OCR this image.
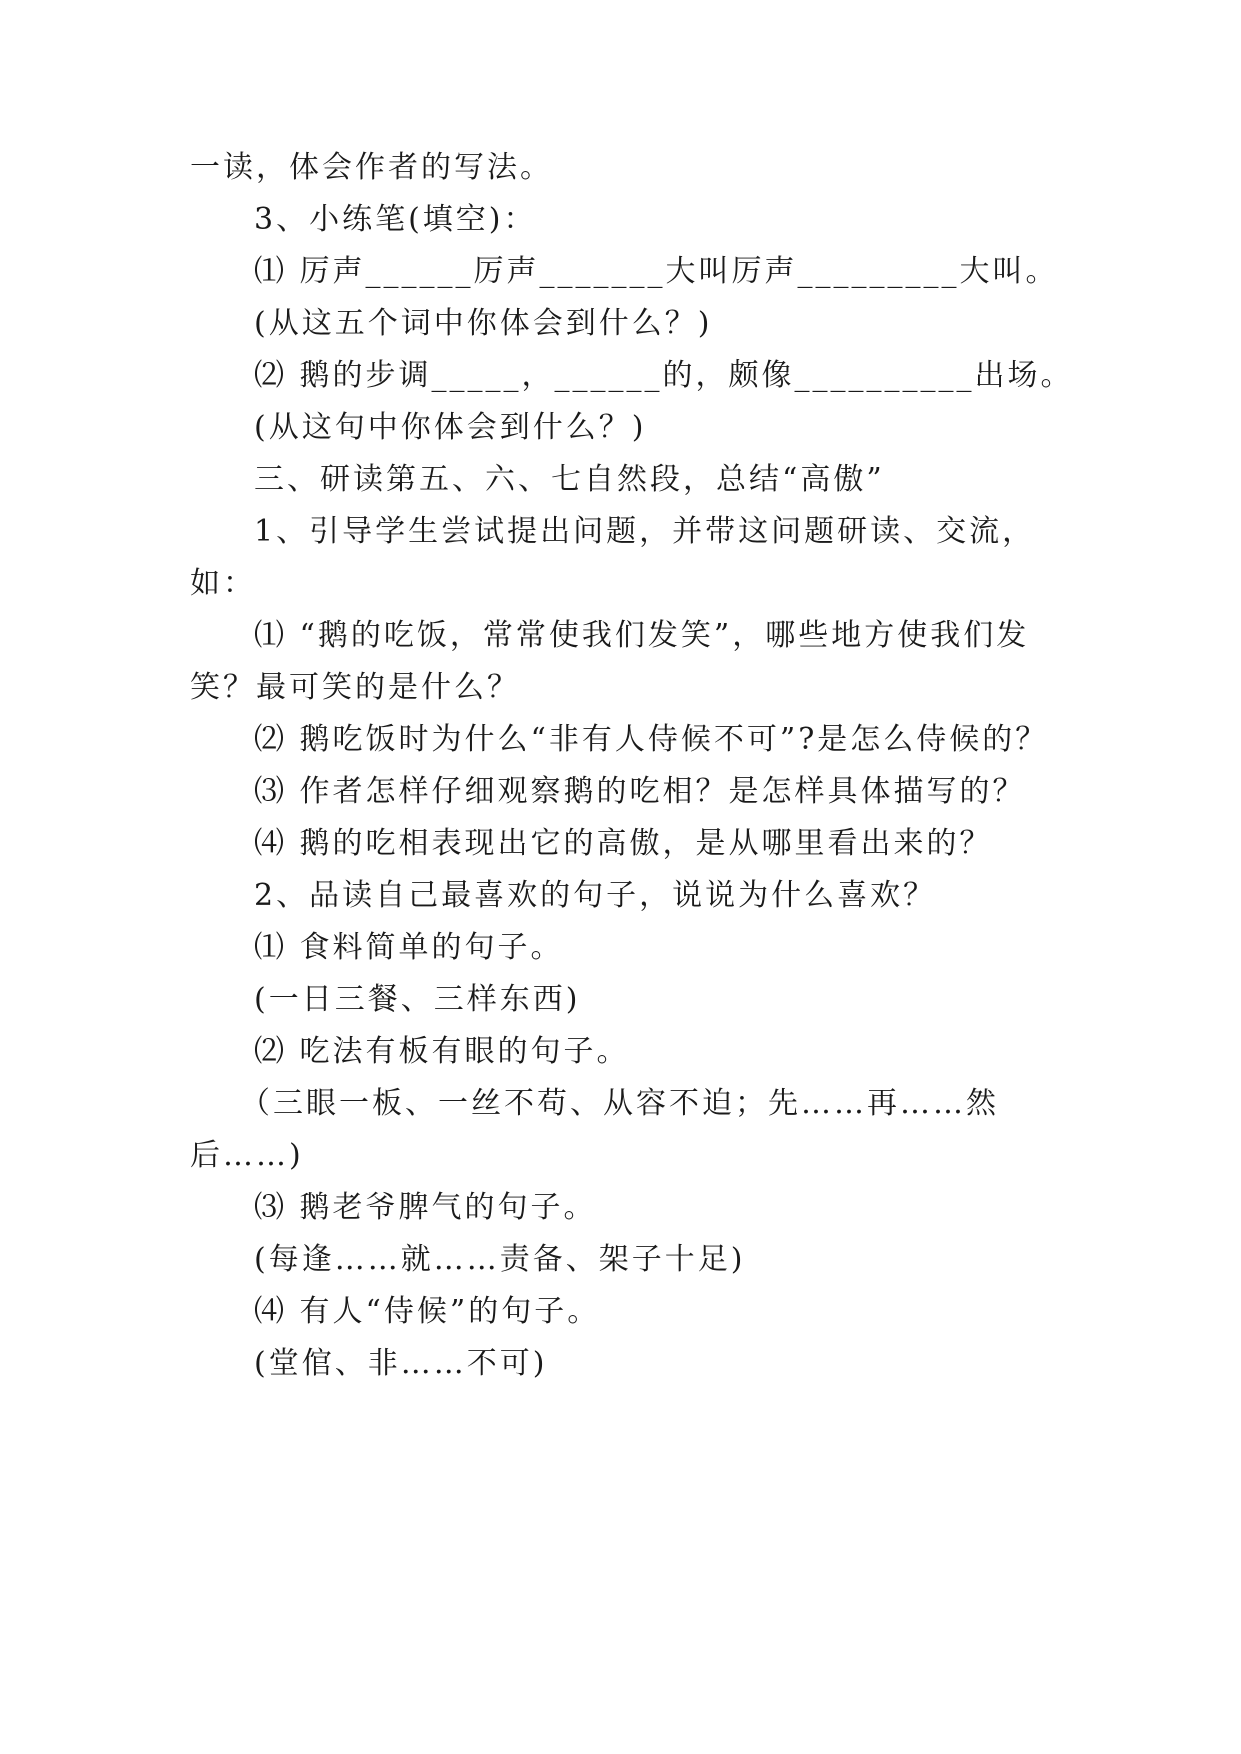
一读，体会作者的写法。
3、小练笔(填空)：
⑴ 厉声______厉声_______大叫厉声_________大叫。
(从这五个词中你体会到什么？)
⑵ 鹅的步调_____，______的，颇像__________出场。
(从这句中你体会到什么？)
三、研读第五、六、七自然段，总结“高傲”
1、引导学生尝试提出问题，并带这问题研读、交流，
如：
⑴ “鹅的吃饭，常常使我们发笑”，哪些地方使我们发
笑？最可笑的是什么？
⑵ 鹅吃饭时为什么“非有人侍候不可”?是怎么侍候的？
⑶ 作者怎样仔细观察鹅的吃相？是怎样具体描写的？
⑷ 鹅的吃相表现出它的高傲，是从哪里看出来的？
2、品读自己最喜欢的句子，说说为什么喜欢？
⑴ 食料简单的句子。
(一日三餐、三样东西)
⑵ 吃法有板有眼的句子。
（三眼一板、一丝不苟、从容不迫；先……再……然
后……)
⑶ 鹅老爷脾气的句子。
(每逢……就……责备、架子十足)
⑷ 有人“侍候”的句子。
(堂倌、非……不可)
